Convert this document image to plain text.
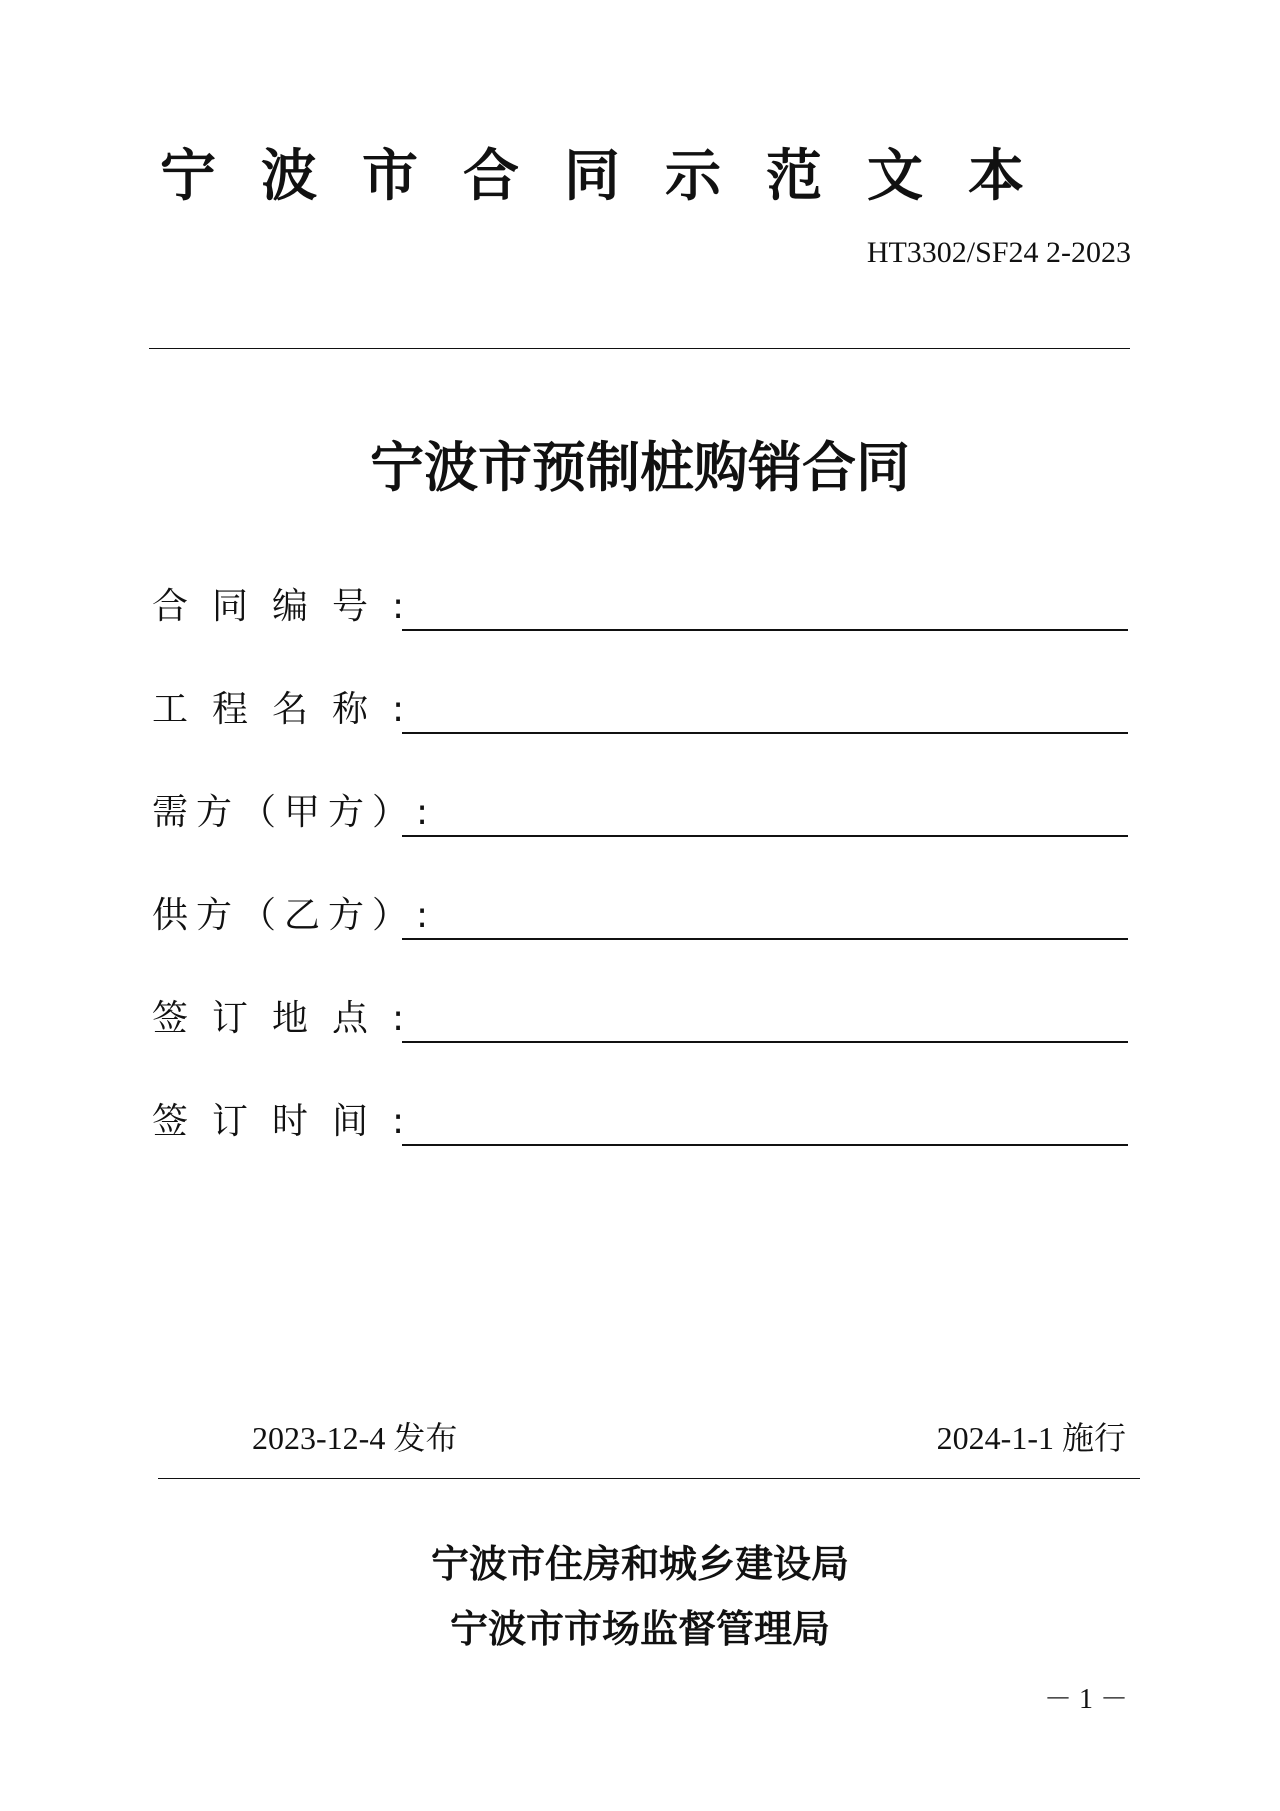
宁波市合同示范文本
HT3302/SF24 2-2023
宁波市预制桩购销合同
合同编号:
工程名称:
需方（甲方）:
供方（乙方）:
签订地点:
签订时间:
2023-12-4 发布	2024-1-1 施行
宁波市住房和城乡建设局
宁波市市场监督管理局
－ 1 －
